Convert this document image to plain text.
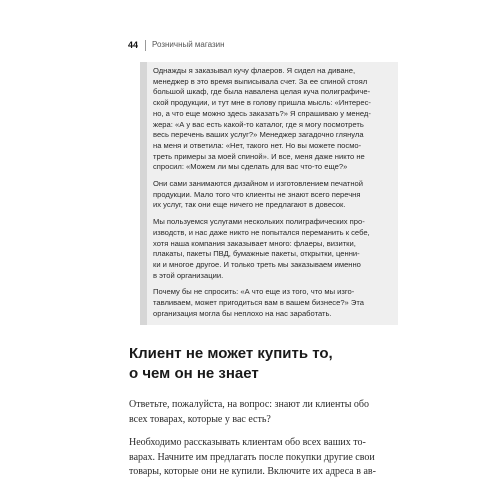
44 Розничный магазин

Однажды я заказывал кучу флаеров. Я сидел на диване,
менеджер в это время выписывала счет. За ее спиной стоял
большой шкаф, где была навалена целая куча полиграфиче-
ской продукции, и тут мне в голову пришла мысль: «Интерес-
но, а что еще можно здесь заказать?» Я спрашиваю у менед-
жера: «А у вас есть какой-то каталог, где я могу посмотреть
весь перечень ваших услуг?» Менеджер загадочно глянула
на меня и ответила: «Нет, такого нет. Но вы можете посмо-
треть примеры за моей спиной». И все, меня даже никто не
спросил: «Можем ли мы сделать для вас что-то еще?»

Они сами занимаются дизайном и изготовлением печатной
продукции. Мало того что клиенты не знают всего перечня
их услуг, так они еще ничего не предлагают в довесок.

Мы пользуемся услугами нескольких полиграфических про-
изводств, и нас даже никто не попытался переманить к себе,
хотя наша компания заказывает много: флаеры, визитки,
плакаты, пакеты ПВД, бумажные пакеты, открытки, ценни-
ки и многое другое. И только треть мы заказываем именно
в этой организации.

Почему бы не спросить: «А что еще из того, что мы изго-
тавливаем, может пригодиться вам в вашем бизнесе?» Эта
организация могла бы неплохо на нас заработать.

Клиент не может купить то,
о чем он не знает

Ответьте, пожалуйста, на вопрос: знают ли клиенты обо
всех товарах, которые у вас есть?

Необходимо рассказывать клиентам обо всех ваших то-
варах. Начните им предлагать после покупки другие свои
товары, которые они не купили. Включите их адреса в ав-
